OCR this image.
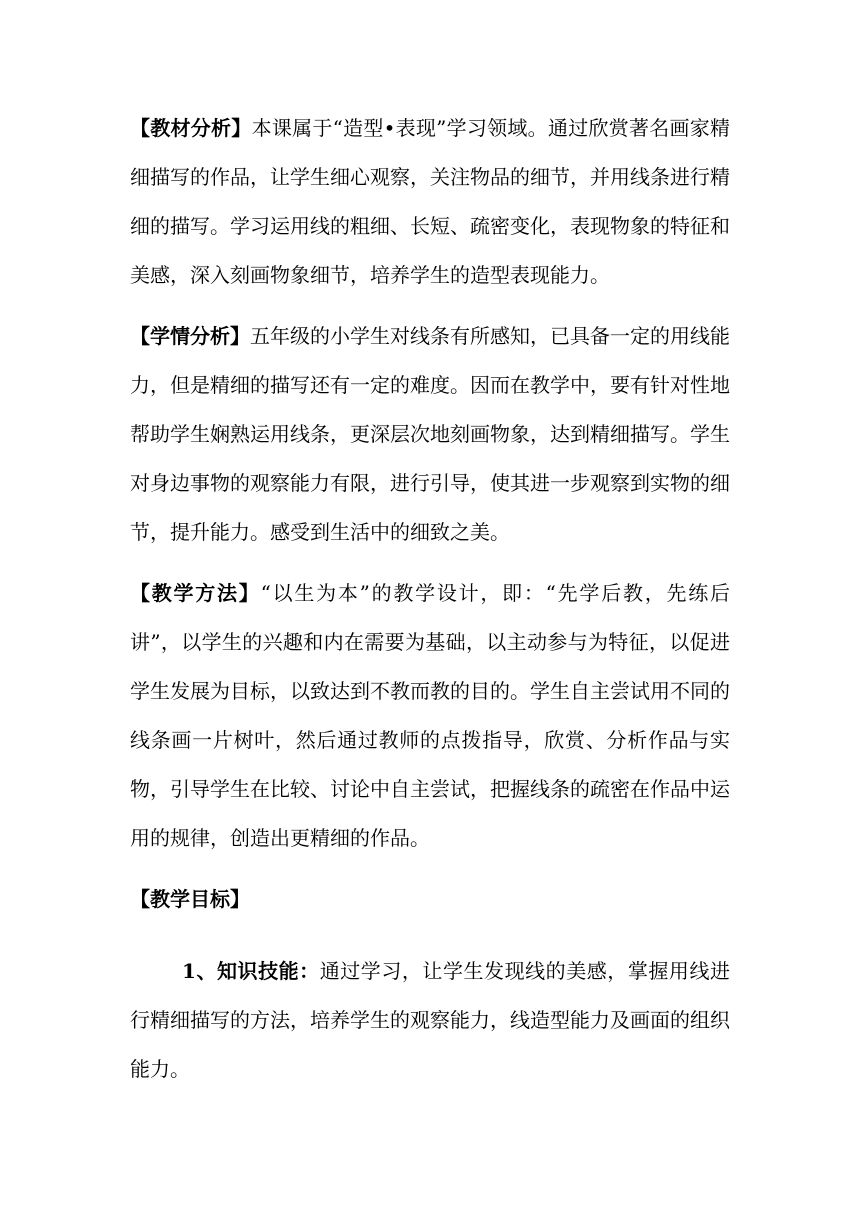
【教材分析】本课属于“造型•表现”学习领域。通过欣赏著名画家精细描写的作品，让学生细心观察，关注物品的细节，并用线条进行精细的描写。学习运用线的粗细、长短、疏密变化，表现物象的特征和美感，深入刻画物象细节，培养学生的造型表现能力。

【学情分析】五年级的小学生对线条有所感知，已具备一定的用线能力，但是精细的描写还有一定的难度。因而在教学中，要有针对性地帮助学生娴熟运用线条，更深层次地刻画物象，达到精细描写。学生对身边事物的观察能力有限，进行引导，使其进一步观察到实物的细节，提升能力。感受到生活中的细致之美。

【教学方法】“以生为本”的教学设计，即：“先学后教，先练后讲”，以学生的兴趣和内在需要为基础，以主动参与为特征，以促进学生发展为目标，以致达到不教而教的目的。学生自主尝试用不同的线条画一片树叶，然后通过教师的点拨指导，欣赏、分析作品与实物，引导学生在比较、讨论中自主尝试，把握线条的疏密在作品中运用的规律，创造出更精细的作品。

【教学目标】

1、知识技能：通过学习，让学生发现线的美感，掌握用线进行精细描写的方法，培养学生的观察能力，线造型能力及画面的组织能力。
